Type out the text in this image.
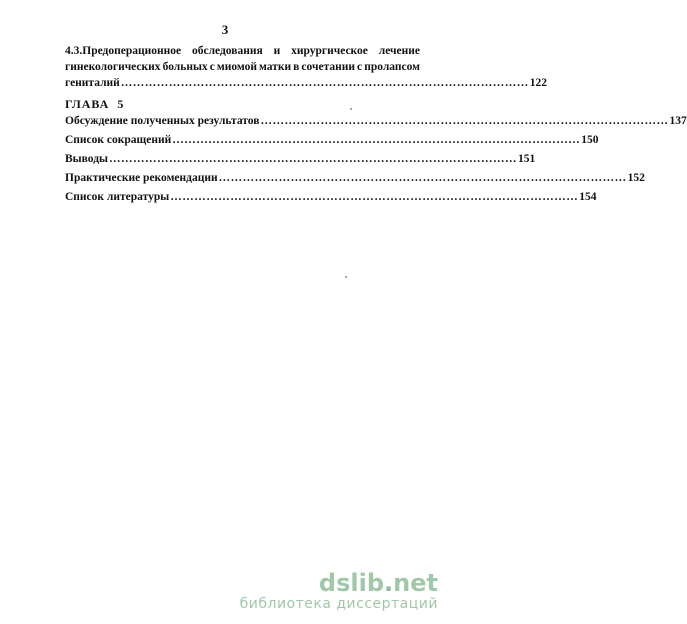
3
4.3.Предоперационное обследования и хирургическое лечение
гинекологических больных с миомой матки в сочетании с пролапсом
гениталий ………………………………………………………………………………………… 122
ГЛАВА  5
Обсуждение полученных результатов ………………………………………………………………………………………… 137
Список сокращений ………………………………………………………………………………………… 150
Выводы ………………………………………………………………………………………… 151
Практические рекомендации ………………………………………………………………………………………… 152
Список литературы ………………………………………………………………………………………… 154
dslib.net
библиотека диссертаций
